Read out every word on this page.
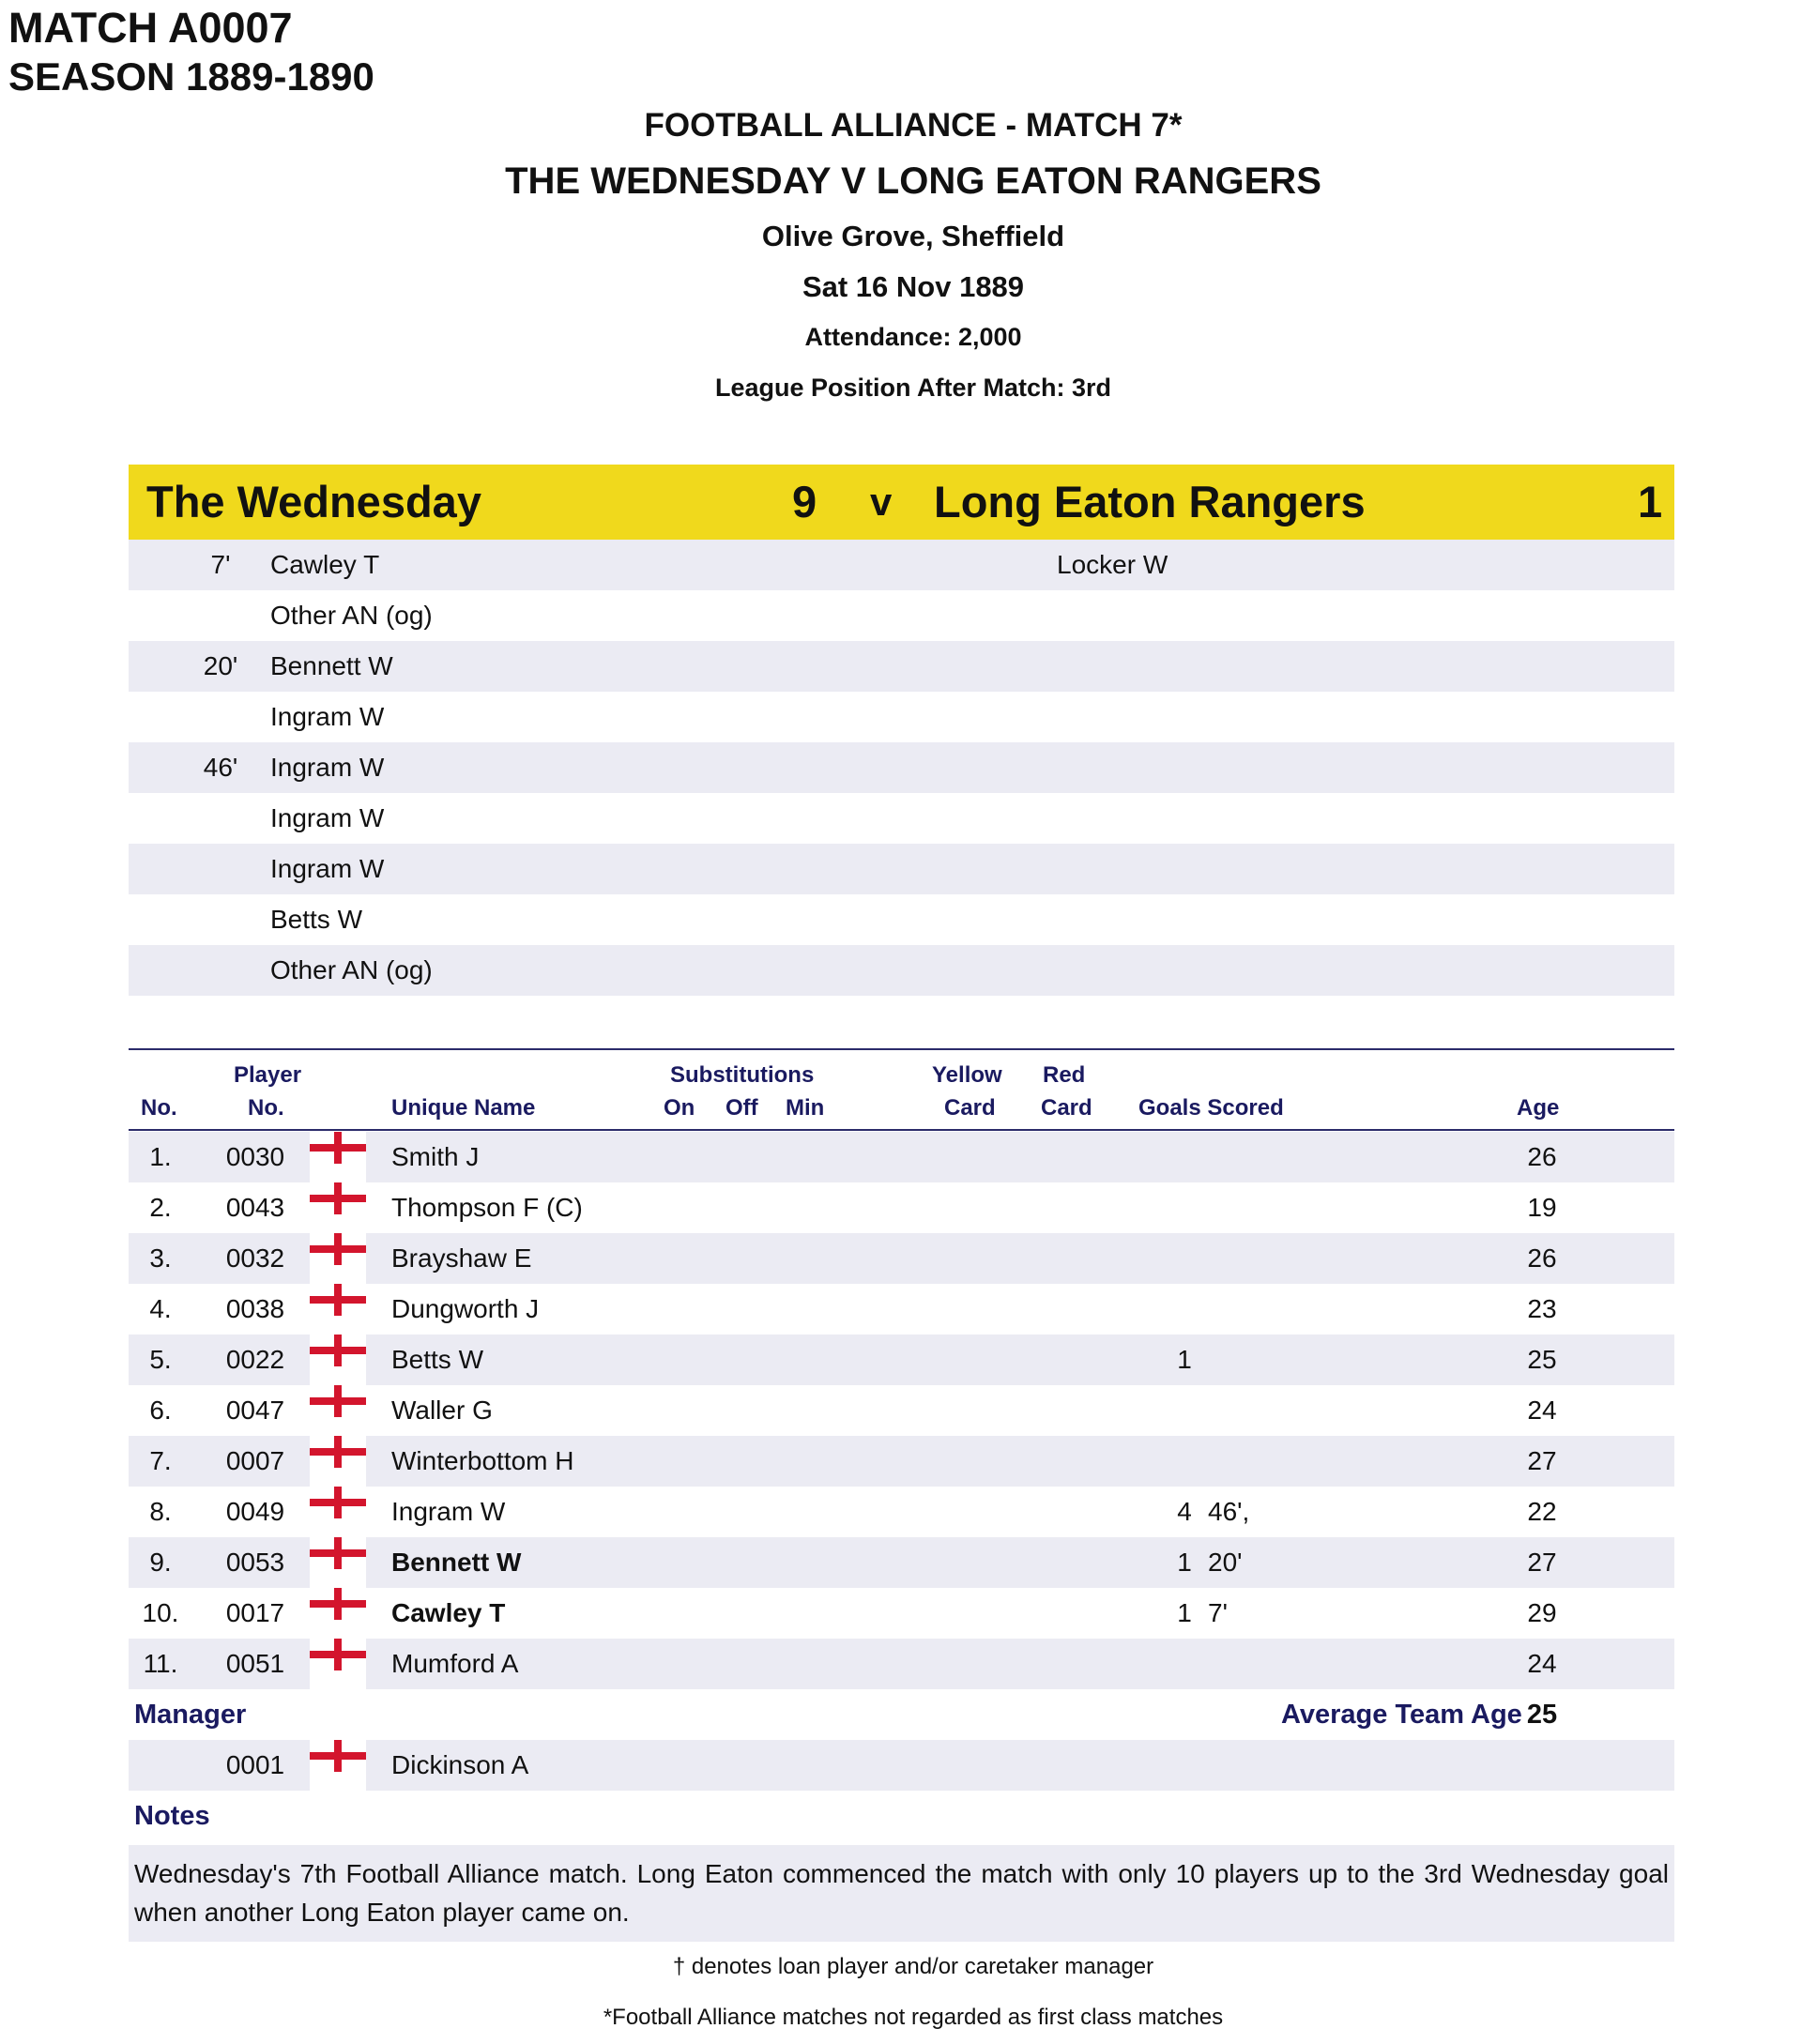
MATCH A0007
SEASON 1889-1890
FOOTBALL ALLIANCE - MATCH 7*
THE WEDNESDAY V LONG EATON RANGERS
Olive Grove, Sheffield
Sat 16 Nov 1889
Attendance: 2,000
League Position After Match: 3rd
The Wednesday	9 v Long Eaton Rangers	1
7'	Cawley T	Locker W
Other AN (og)
20'	Bennett W
Ingram W
46'	Ingram W
Ingram W
Ingram W
Betts W
Other AN (og)
Player	Substitutions	Yellow Red
No.	No.	Unique Name	On Off Min	Card Card Goals Scored	Age
1.	0030	Smith J	26
2.	0043	Thompson F (C)	19
3.	0032	Brayshaw E	26
4.	0038	Dungworth J	23
5.	0022	Betts W	1	25
6.	0047	Waller G	24
7.	0007	Winterbottom H	27
8.	0049	Ingram W	4 46',	22
9.	0053	Bennett W	1 20'	27
10.	0017	Cawley T	1 7'	29
11.	0051	Mumford A	24
Manager	Average Team Age 25
0001	Dickinson A
Notes

Wednesday's 7th Football Alliance match. Long Eaton commenced the match with only 10 players up to the 3rd Wednesday goal when another Long Eaton player came on.

† denotes loan player and/or caretaker manager
*Football Alliance matches not regarded as first class matches
